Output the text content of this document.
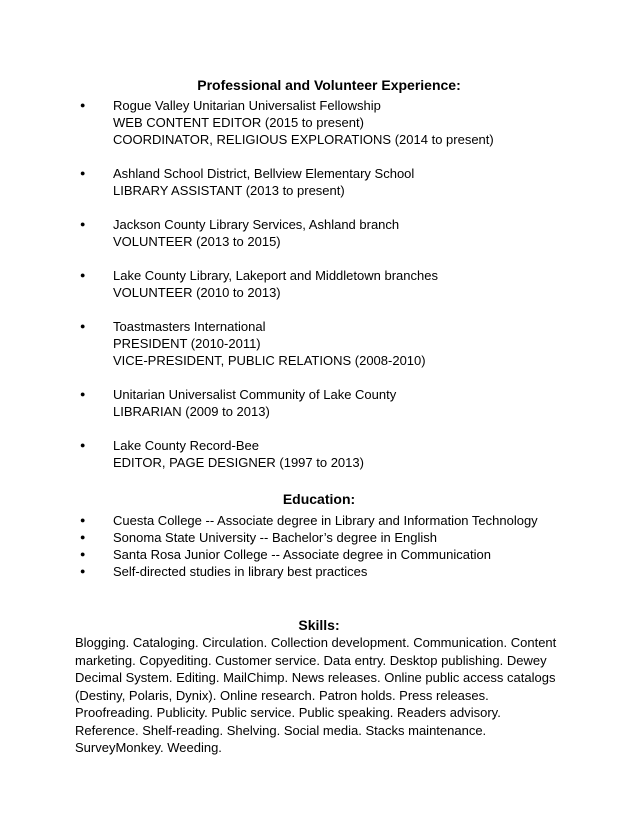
Professional and Volunteer Experience:
● Rogue Valley Unitarian Universalist Fellowship
WEB CONTENT EDITOR (2015 to present)
COORDINATOR, RELIGIOUS EXPLORATIONS (2014 to present)
● Ashland School District, Bellview Elementary School
LIBRARY ASSISTANT (2013 to present)
● Jackson County Library Services, Ashland branch
VOLUNTEER (2013 to 2015)
● Lake County Library, Lakeport and Middletown branches
VOLUNTEER (2010 to 2013)
● Toastmasters International
PRESIDENT (2010-2011)
VICE-PRESIDENT, PUBLIC RELATIONS (2008-2010)
● Unitarian Universalist Community of Lake County
LIBRARIAN (2009 to 2013)
● Lake County Record-Bee
EDITOR, PAGE DESIGNER (1997 to 2013)
Education:
● Cuesta College -- Associate degree in Library and Information Technology
● Sonoma State University -- Bachelor’s degree in English
● Santa Rosa Junior College -- Associate degree in Communication
● Self-directed studies in library best practices
Skills:

Blogging. Cataloging. Circulation. Collection development. Communication. Content marketing. Copyediting. Customer service. Data entry. Desktop publishing. Dewey Decimal System. Editing. MailChimp. News releases. Online public access catalogs (Destiny, Polaris, Dynix). Online research. Patron holds. Press releases. Proofreading. Publicity. Public service. Public speaking. Readers advisory. Reference. Shelf-reading. Shelving. Social media. Stacks maintenance. SurveyMonkey. Weeding.
